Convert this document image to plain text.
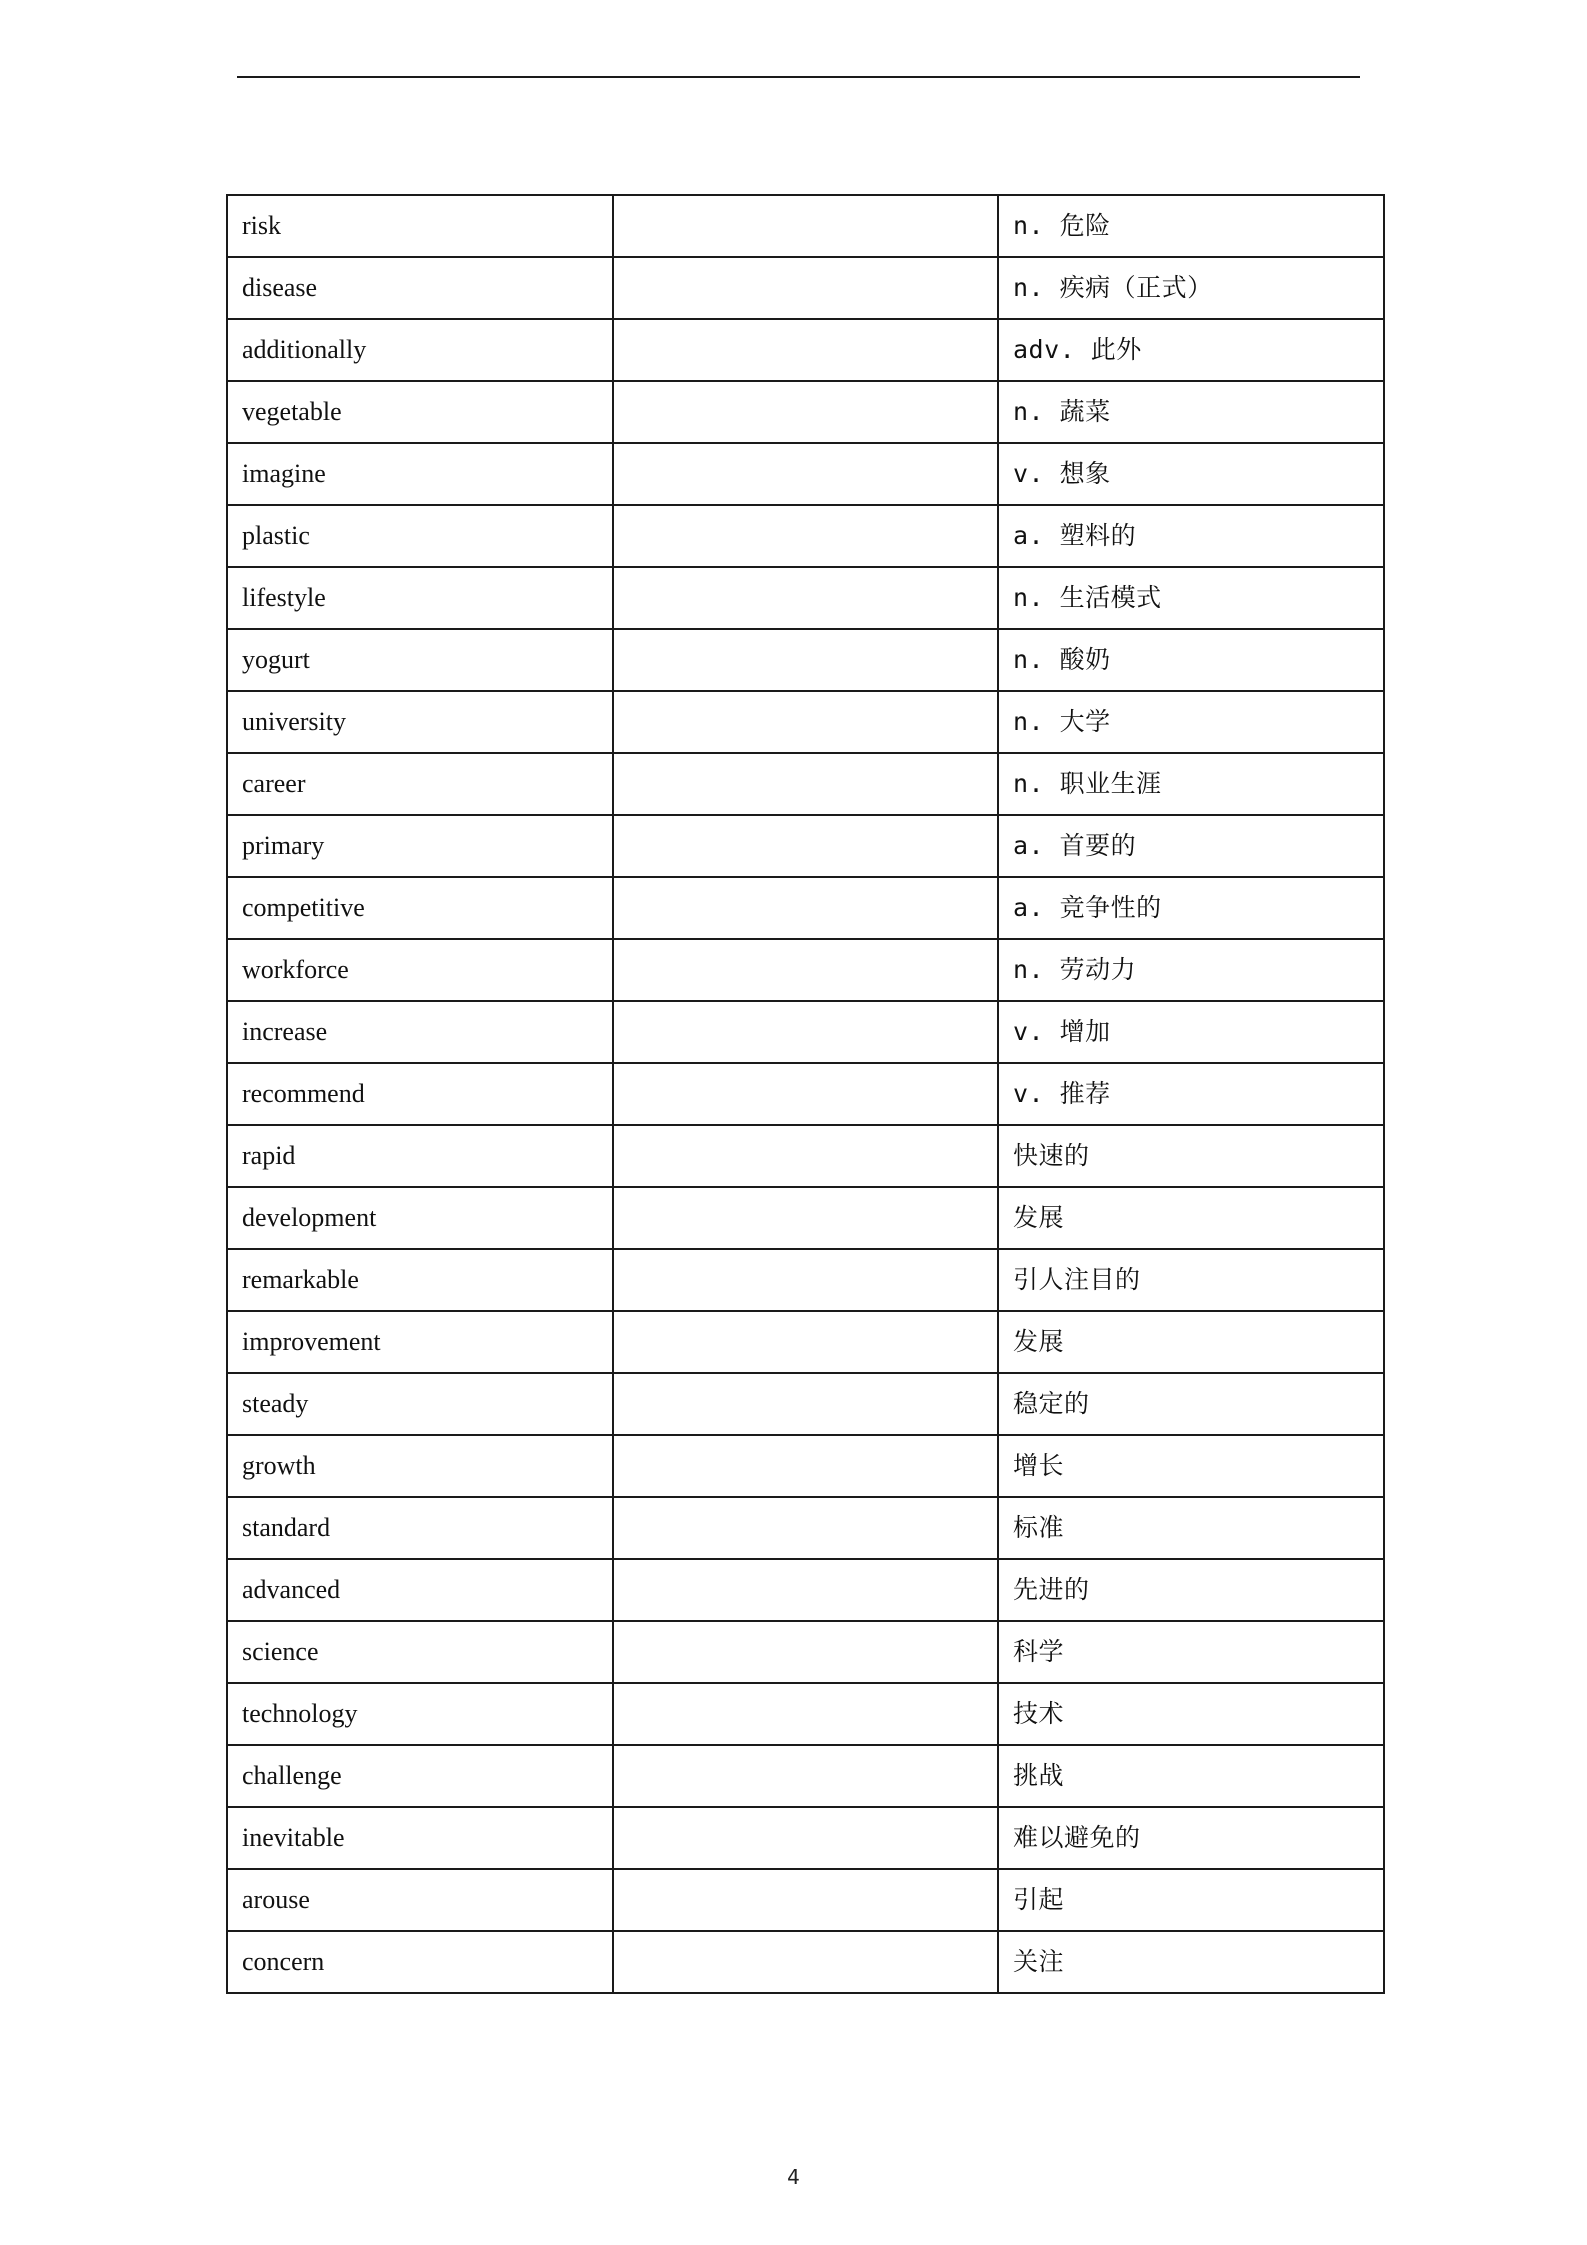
risk		n. 危险
disease		n. 疾病（正式）
additionally		adv. 此外
vegetable		n. 蔬菜
imagine		v. 想象
plastic		a. 塑料的
lifestyle		n. 生活模式
yogurt		n. 酸奶
university		n. 大学
career		n. 职业生涯
primary		a. 首要的
competitive		a. 竞争性的
workforce		n. 劳动力
increase		v. 增加
recommend		v. 推荐
rapid		快速的
development		发展
remarkable		引人注目的
improvement		发展
steady		稳定的
growth		增长
standard		标准
advanced		先进的
science		科学
technology		技术
challenge		挑战
inevitable		难以避免的
arouse		引起
concern		关注
4
